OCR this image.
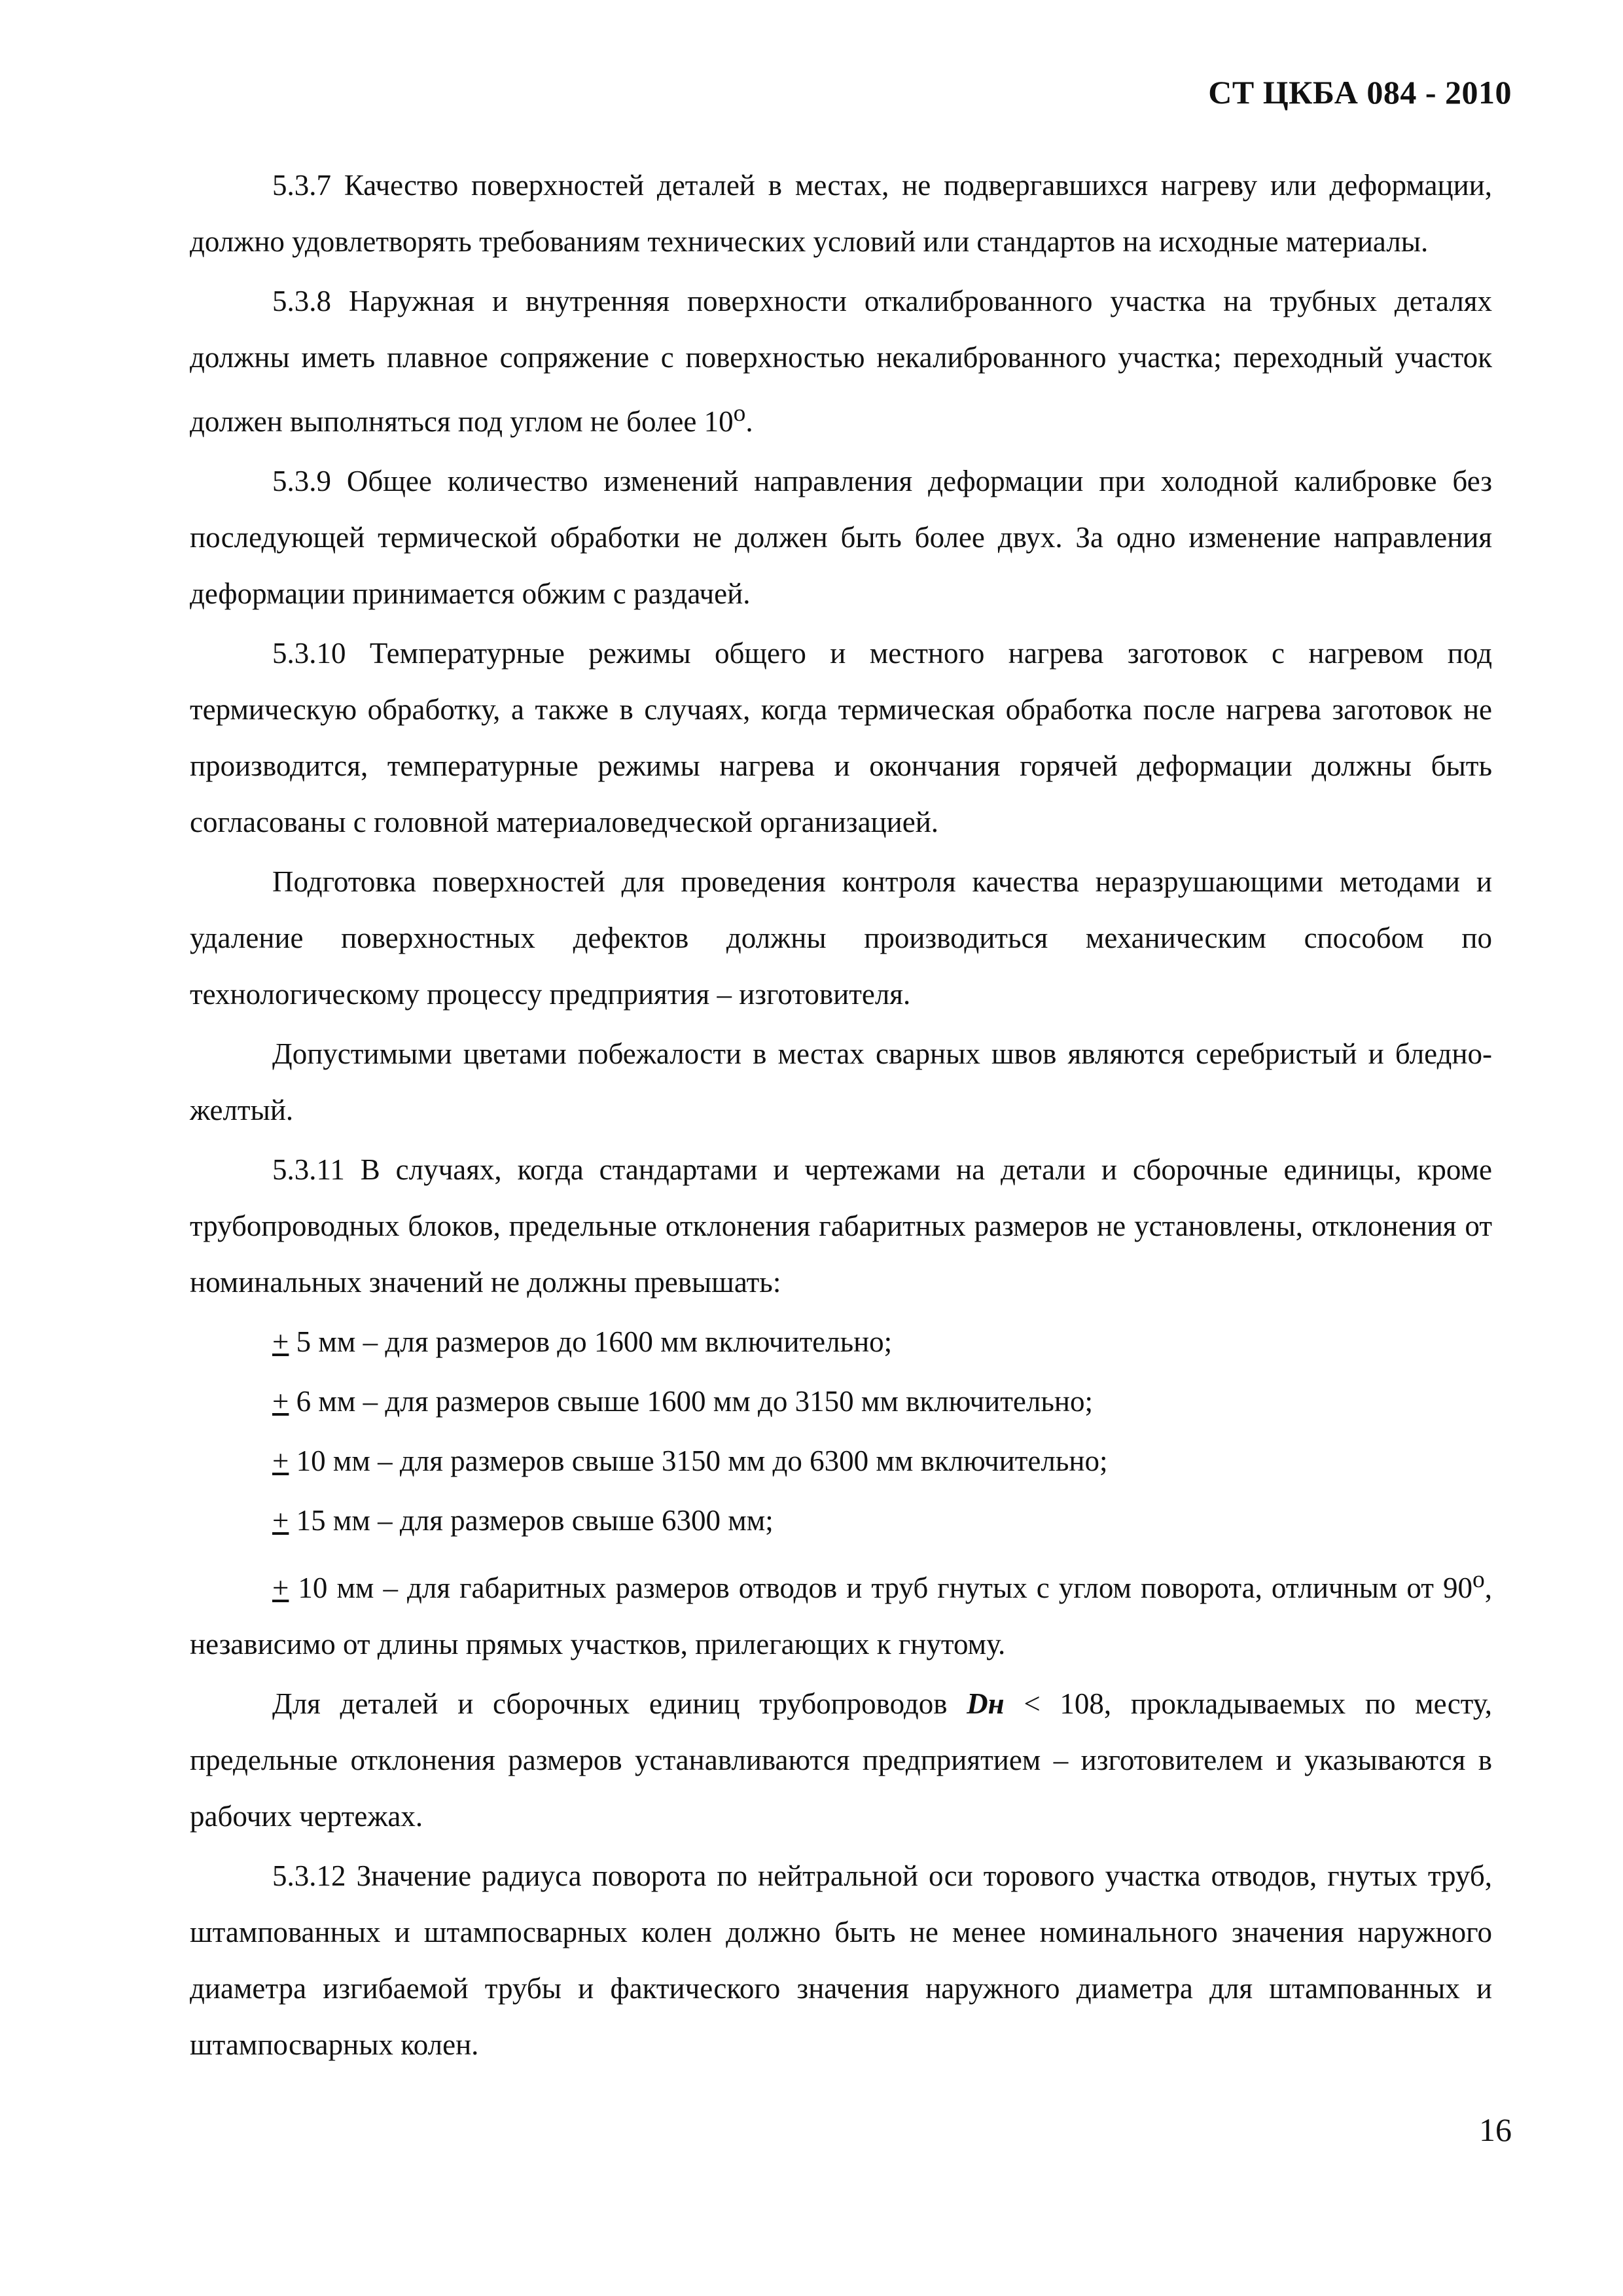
СТ ЦКБА 084 - 2010

5.3.7 Качество поверхностей деталей в местах, не подвергавшихся нагреву или деформации, должно удовлетворять требованиям технических условий или стандартов на исходные материалы.

5.3.8 Наружная и внутренняя поверхности откалиброванного участка на трубных деталях должны иметь плавное сопряжение с поверхностью некалиброванного участка; переходный участок должен выполняться под углом не более $10^о$.

5.3.9 Общее количество изменений направления деформации при холодной калибровке без последующей термической обработки не должен быть более двух. За одно изменение направления деформации принимается обжим с раздачей.

5.3.10 Температурные режимы общего и местного нагрева заготовок с нагревом под термическую обработку, а также в случаях, когда термическая обработка после нагрева заготовок не производится, температурные режимы нагрева и окончания горячей деформации должны быть согласованы с головной материаловедческой организацией.

Подготовка поверхностей для проведения контроля качества неразрушающими методами и удаление поверхностных дефектов должны производиться механическим способом по технологическому процессу предприятия – изготовителя.

Допустимыми цветами побежалости в местах сварных швов являются серебристый и бледно-желтый.

5.3.11 В случаях, когда стандартами и чертежами на детали и сборочные единицы, кроме трубопроводных блоков, предельные отклонения габаритных размеров не установлены, отклонения от номинальных значений не должны превышать:

+ 5 мм – для размеров до 1600 мм включительно;

+ 6 мм – для размеров свыше 1600 мм до 3150 мм включительно;

+ 10 мм – для размеров свыше 3150 мм до 6300 мм включительно;

+ 15 мм – для размеров свыше 6300 мм;

+ 10 мм – для габаритных размеров отводов и труб гнутых с углом поворота, отличным от $90^о$, независимо от длины прямых участков, прилегающих к гнутому.

Для деталей и сборочных единиц трубопроводов Dн < 108, прокладываемых по месту, предельные отклонения размеров устанавливаются предприятием – изготовителем и указываются в рабочих чертежах.

5.3.12 Значение радиуса поворота по нейтральной оси торового участка отводов, гнутых труб, штампованных и штампосварных колен должно быть не менее номинального значения наружного диаметра изгибаемой трубы и фактического значения наружного диаметра для штампованных и штампосварных колен.

16
